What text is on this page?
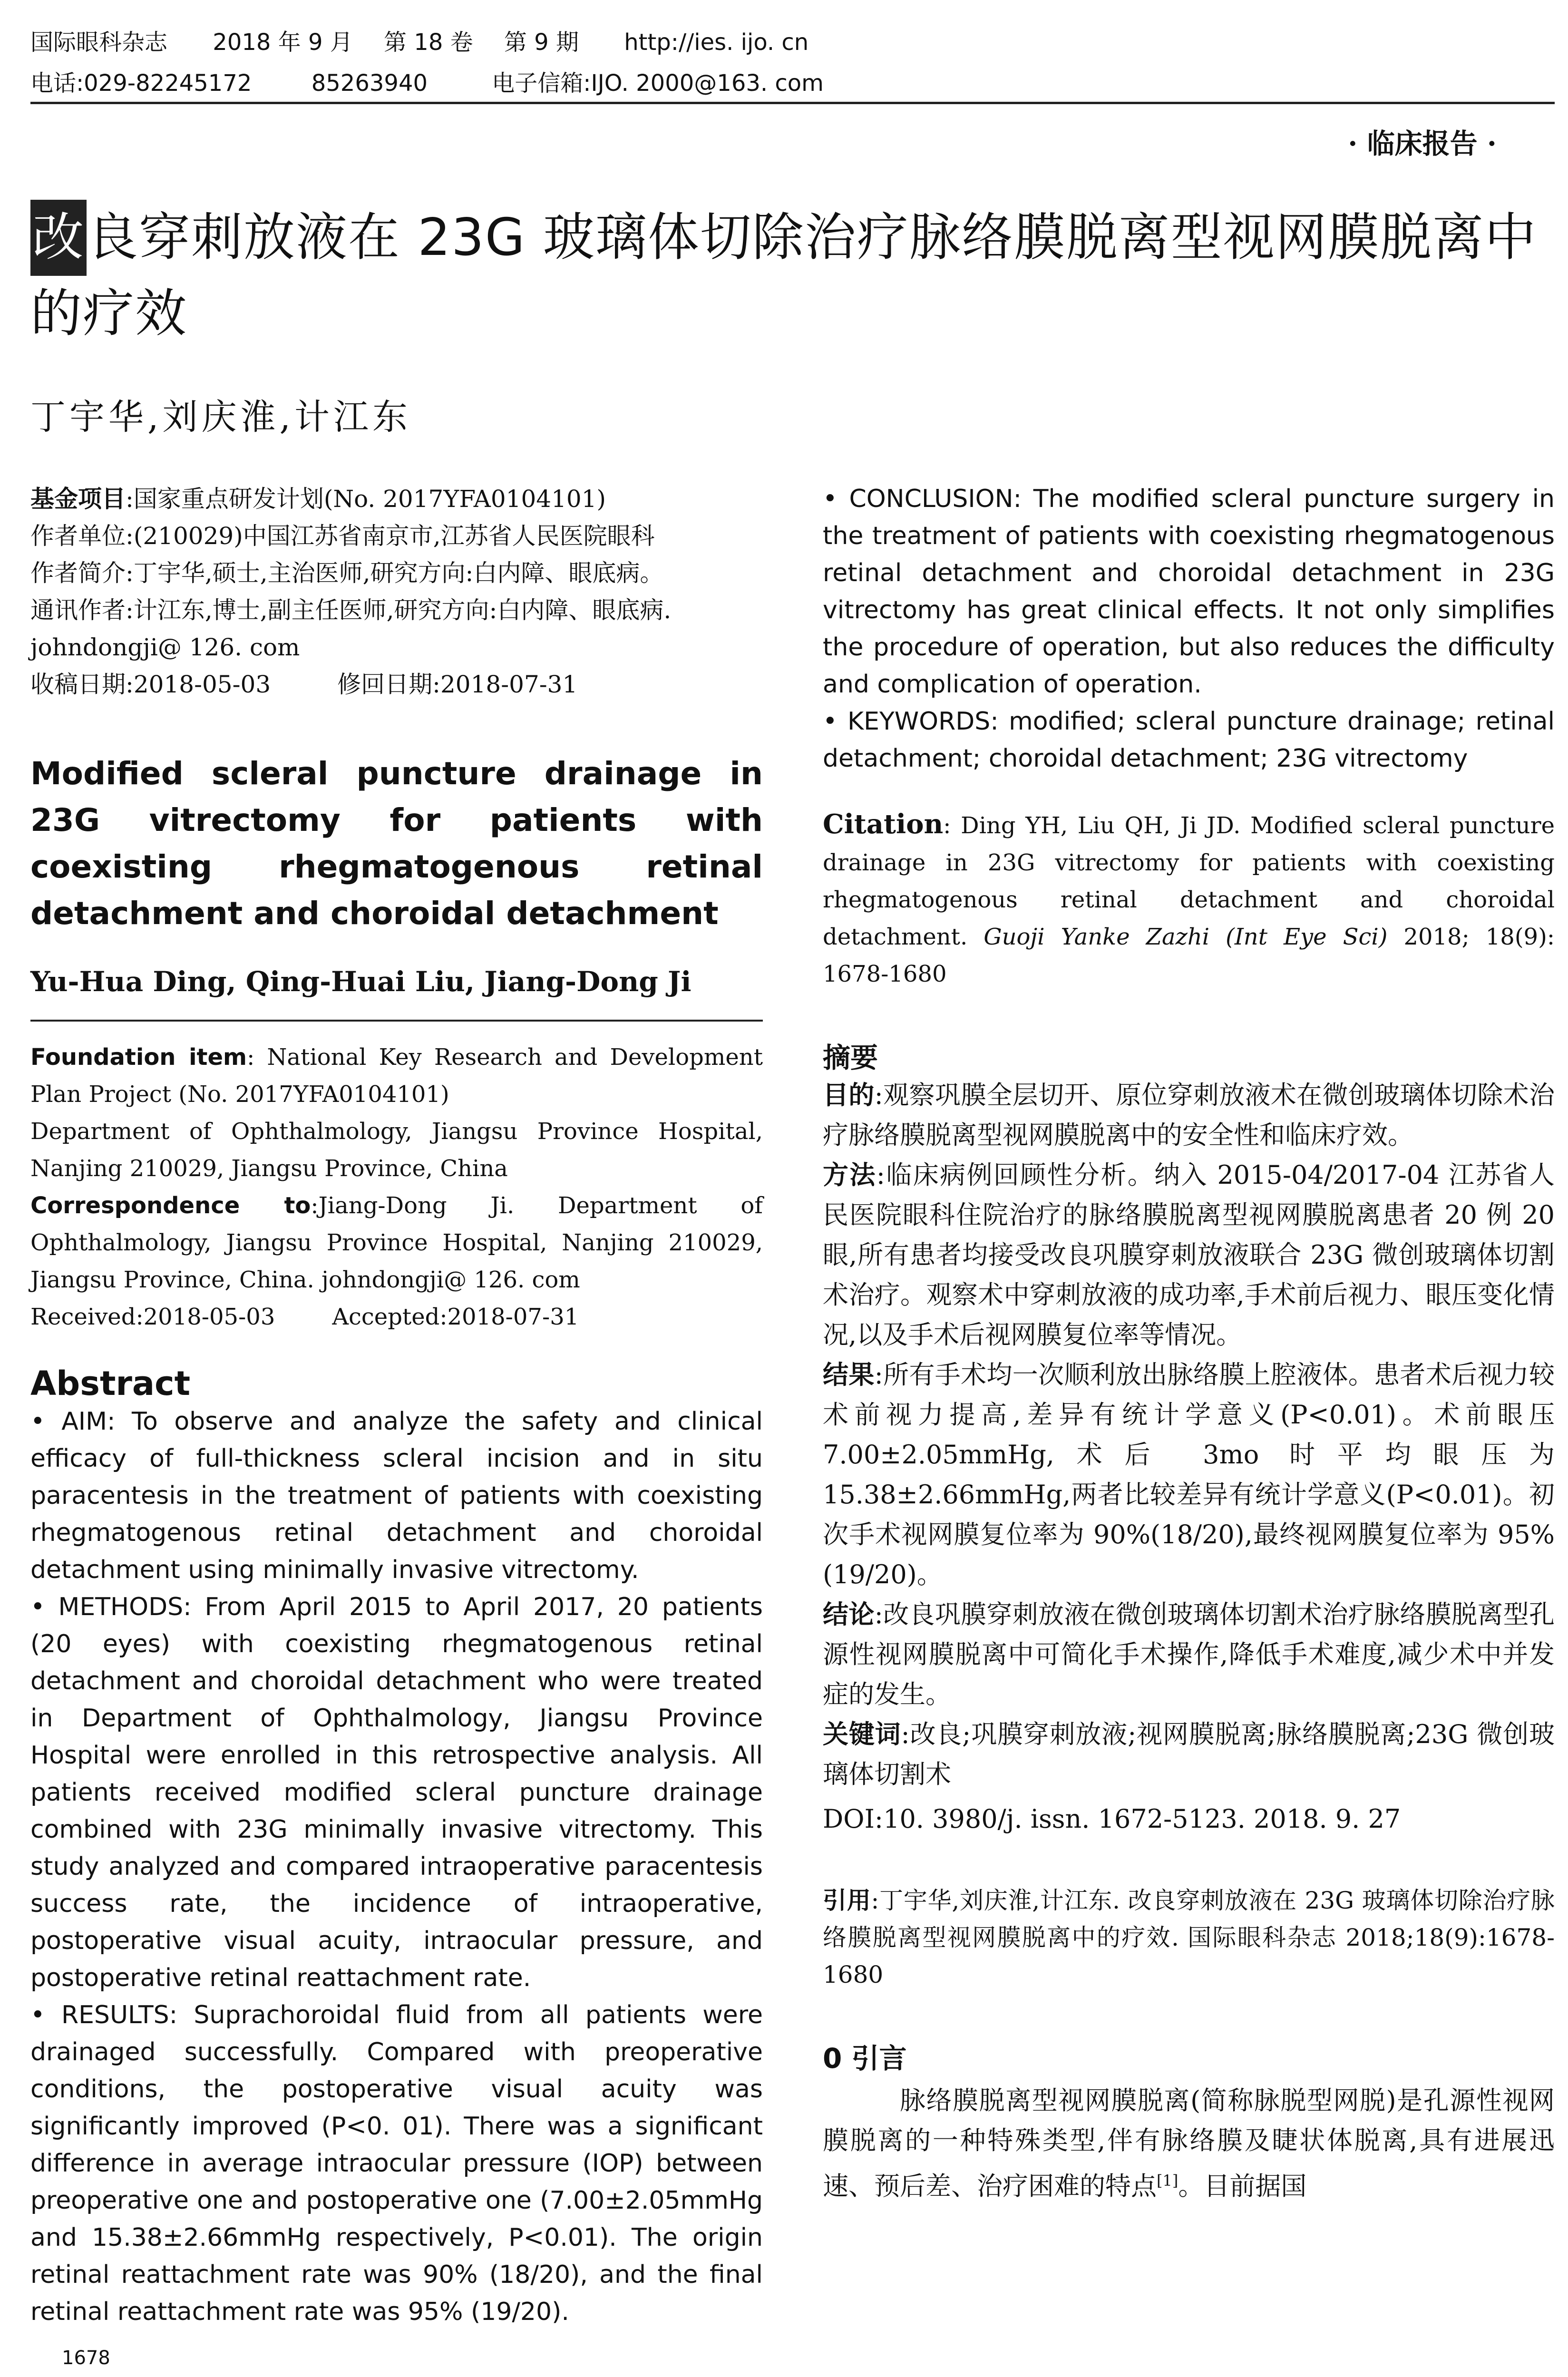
国际眼科杂志 2018 年 9 月 第 18 卷 第 9 期 http://ies. ijo. cn
电话:029-82245172	85263940	电子信箱:IJO. 2000@163. com
· 临床报告 ·
改良穿刺放液在 23G 玻璃体切除治疗脉络膜脱离型视网膜脱离中的疗效
丁宇华,刘庆淮,计江东

基金项目:国家重点研发计划(No. 2017YFA0104101)

作者单位:(210029)中国江苏省南京市,江苏省人民医院眼科

作者简介:丁宇华,硕士,主治医师,研究方向:白内障、眼底病。

通讯作者:计江东,博士,副主任医师,研究方向:白内障、眼底病. johndongji@ 126. com

收稿日期:2018-05-03	修回日期:2018-07-31

Modified scleral puncture drainage in 23G vitrectomy for patients with coexisting rhegmatogenous retinal detachment and choroidal detachment
Yu-Hua Ding, Qing-Huai Liu, Jiang-Dong Ji

Foundation item: National Key Research and Development Plan Project (No. 2017YFA0104101)

Department of Ophthalmology, Jiangsu Province Hospital, Nanjing 210029, Jiangsu Province, China

Correspondence to:Jiang-Dong Ji. Department of Ophthalmology, Jiangsu Province Hospital, Nanjing 210029, Jiangsu Province, China. johndongji@ 126. com

Received:2018-05-03	Accepted:2018-07-31

Abstract

• AIM: To observe and analyze the safety and clinical efficacy of full-thickness scleral incision and in situ paracentesis in the treatment of patients with coexisting rhegmatogenous retinal detachment and choroidal detachment using minimally invasive vitrectomy.

• METHODS: From April 2015 to April 2017, 20 patients (20 eyes) with coexisting rhegmatogenous retinal detachment and choroidal detachment who were treated in Department of Ophthalmology, Jiangsu Province Hospital were enrolled in this retrospective analysis. All patients received modified scleral puncture drainage combined with 23G minimally invasive vitrectomy. This study analyzed and compared intraoperative paracentesis success rate, the incidence of intraoperative, postoperative visual acuity, intraocular pressure, and postoperative retinal reattachment rate.

• RESULTS: Suprachoroidal fluid from all patients were drainaged successfully. Compared with preoperative conditions, the postoperative visual acuity was significantly improved (P<0. 01). There was a significant difference in average intraocular pressure (IOP) between preoperative one and postoperative one (7.00±2.05mmHg and 15.38±2.66mmHg respectively, P<0.01). The origin retinal reattachment rate was 90% (18/20), and the final retinal reattachment rate was 95% (19/20).

• CONCLUSION: The modified scleral puncture surgery in the treatment of patients with coexisting rhegmatogenous retinal detachment and choroidal detachment in 23G vitrectomy has great clinical effects. It not only simplifies the procedure of operation, but also reduces the difficulty and complication of operation.

• KEYWORDS: modified; scleral puncture drainage; retinal detachment; choroidal detachment; 23G vitrectomy

Citation: Ding YH, Liu QH, Ji JD. Modified scleral puncture drainage in 23G vitrectomy for patients with coexisting rhegmatogenous retinal detachment and choroidal detachment. Guoji Yanke Zazhi (Int Eye Sci) 2018; 18(9): 1678-1680
摘要

目的:观察巩膜全层切开、原位穿刺放液术在微创玻璃体切除术治疗脉络膜脱离型视网膜脱离中的安全性和临床疗效。

方法:临床病例回顾性分析。纳入 2015-04/2017-04 江苏省人民医院眼科住院治疗的脉络膜脱离型视网膜脱离患者 20 例 20 眼,所有患者均接受改良巩膜穿刺放液联合 23G 微创玻璃体切割术治疗。观察术中穿刺放液的成功率,手术前后视力、眼压变化情况,以及手术后视网膜复位率等情况。

结果:所有手术均一次顺利放出脉络膜上腔液体。患者术后视力较术前视力提高,差异有统计学意义(P<0.01)。术前眼压 7.00±2.05mmHg,术后 3mo 时平均眼压为 15.38±2.66mmHg,两者比较差异有统计学意义(P<0.01)。初次手术视网膜复位率为 90%(18/20),最终视网膜复位率为 95%(19/20)。

结论:改良巩膜穿刺放液在微创玻璃体切割术治疗脉络膜脱离型孔源性视网膜脱离中可简化手术操作,降低手术难度,减少术中并发症的发生。

关键词:改良;巩膜穿刺放液;视网膜脱离;脉络膜脱离;23G 微创玻璃体切割术

DOI:10. 3980/j. issn. 1672-5123. 2018. 9. 27

引用:丁宇华,刘庆淮,计江东. 改良穿刺放液在 23G 玻璃体切除治疗脉络膜脱离型视网膜脱离中的疗效. 国际眼科杂志 2018;18(9):1678-1680
0 引言

脉络膜脱离型视网膜脱离(简称脉脱型网脱)是孔源性视网膜脱离的一种特殊类型,伴有脉络膜及睫状体脱离,具有进展迅速、预后差、治疗困难的特点[1]。目前据国

1678
